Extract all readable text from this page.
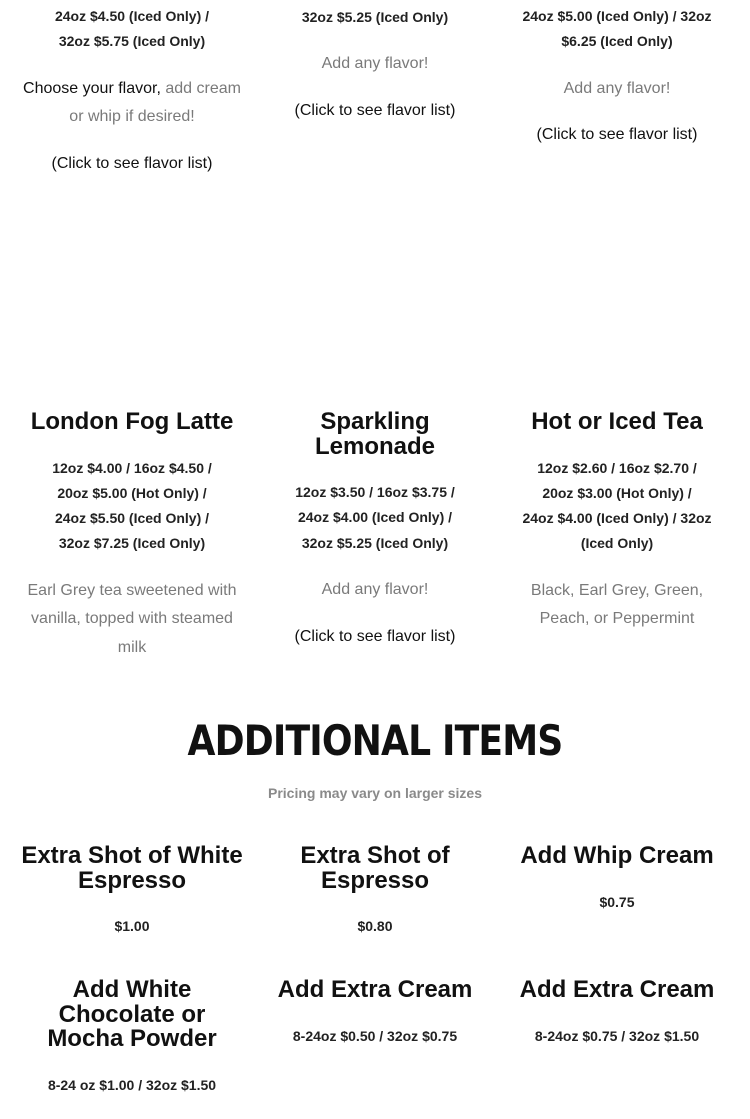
24oz $4.50 (Iced Only) /
32oz $5.75 (Iced Only)
Choose your flavor, add cream or whip if desired!
(Click to see flavor list)
32oz $5.25 (Iced Only)
Add any flavor!
(Click to see flavor list)
24oz $5.00 (Iced Only) / 32oz
$6.25 (Iced Only)
Add any flavor!
(Click to see flavor list)
London Fog Latte
12oz $4.00 / 16oz $4.50 /
20oz $5.00 (Hot Only) /
24oz $5.50 (Iced Only) /
32oz $7.25 (Iced Only)
Earl Grey tea sweetened with vanilla, topped with steamed milk
Sparkling Lemonade
12oz $3.50 / 16oz $3.75 /
24oz $4.00 (Iced Only) /
32oz $5.25 (Iced Only)
Add any flavor!
(Click to see flavor list)
Hot or Iced Tea
12oz $2.60 / 16oz $2.70 /
20oz $3.00 (Hot Only) /
24oz $4.00 (Iced Only) / 32oz
(Iced Only)
Black, Earl Grey, Green, Peach, or Peppermint
ADDITIONAL ITEMS
Pricing may vary on larger sizes
Extra Shot of White Espresso
$1.00
Extra Shot of Espresso
$0.80
Add Whip Cream
$0.75
Add White Chocolate or Mocha Powder
8-24 oz $1.00 / 32oz $1.50
Add Extra Cream
8-24oz $0.50 / 32oz $0.75
Add Extra Cream
8-24oz $0.75 / 32oz $1.50
